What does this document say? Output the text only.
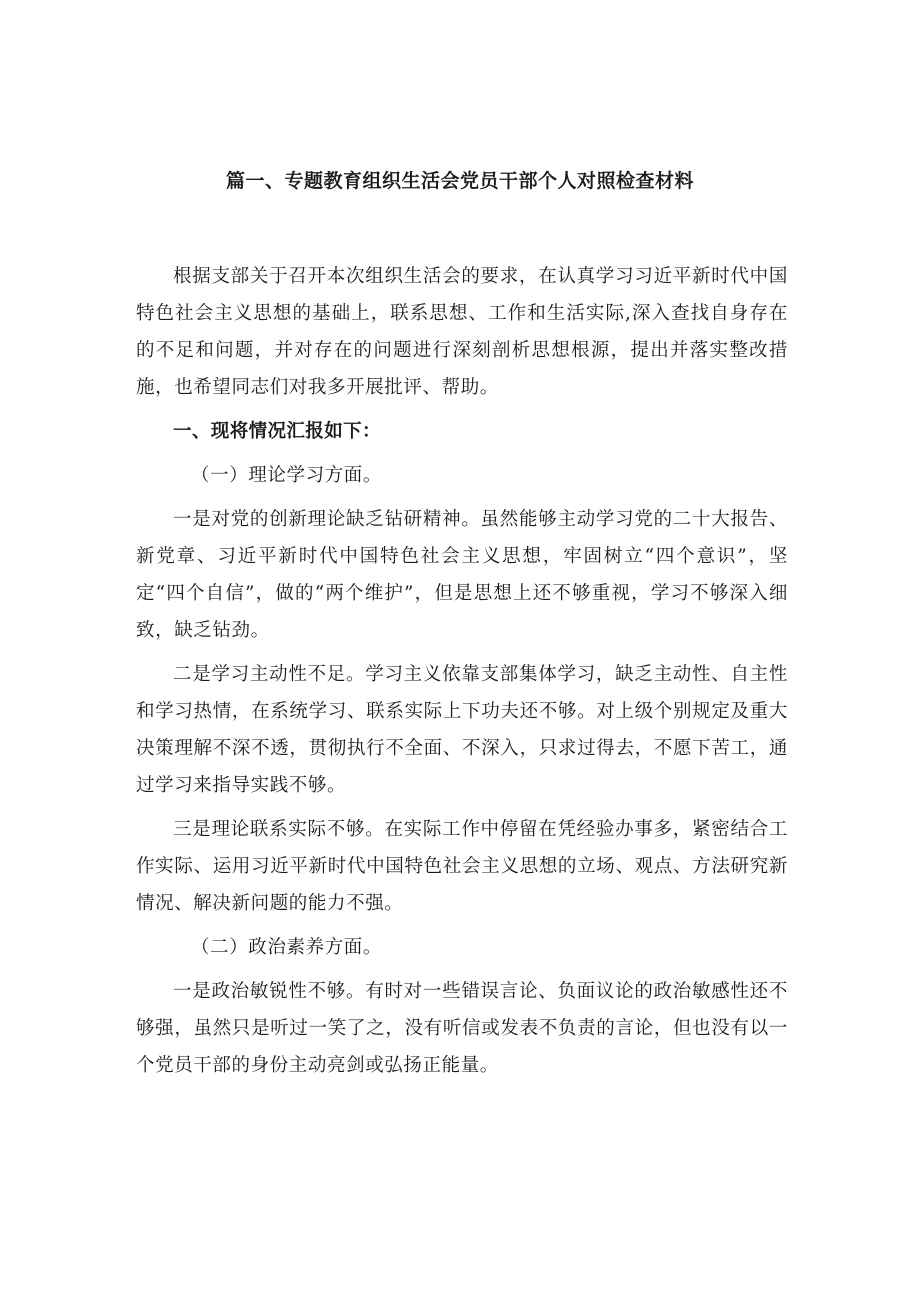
篇一、专题教育组织生活会党员干部个人对照检查材料

根据支部关于召开本次组织生活会的要求，在认真学习习近平新时代中国特色社会主义思想的基础上，联系思想、工作和生活实际,深入查找自身存在的不足和问题，并对存在的问题进行深刻剖析思想根源，提出并落实整改措施，也希望同志们对我多开展批评、帮助。

一、现将情况汇报如下：

（一）理论学习方面。

一是对党的创新理论缺乏钻研精神。虽然能够主动学习党的二十大报告、新党章、习近平新时代中国特色社会主义思想，牢固树立“四个意识”，坚定“四个自信”，做的“两个维护”，但是思想上还不够重视，学习不够深入细致，缺乏钻劲。

二是学习主动性不足。学习主义依靠支部集体学习，缺乏主动性、自主性和学习热情，在系统学习、联系实际上下功夫还不够。对上级个别规定及重大决策理解不深不透，贯彻执行不全面、不深入，只求过得去，不愿下苦工，通过学习来指导实践不够。

三是理论联系实际不够。在实际工作中停留在凭经验办事多，紧密结合工作实际、运用习近平新时代中国特色社会主义思想的立场、观点、方法研究新情况、解决新问题的能力不强。

（二）政治素养方面。

一是政治敏锐性不够。有时对一些错误言论、负面议论的政治敏感性还不够强，虽然只是听过一笑了之，没有听信或发表不负责的言论，但也没有以一个党员干部的身份主动亮剑或弘扬正能量。
